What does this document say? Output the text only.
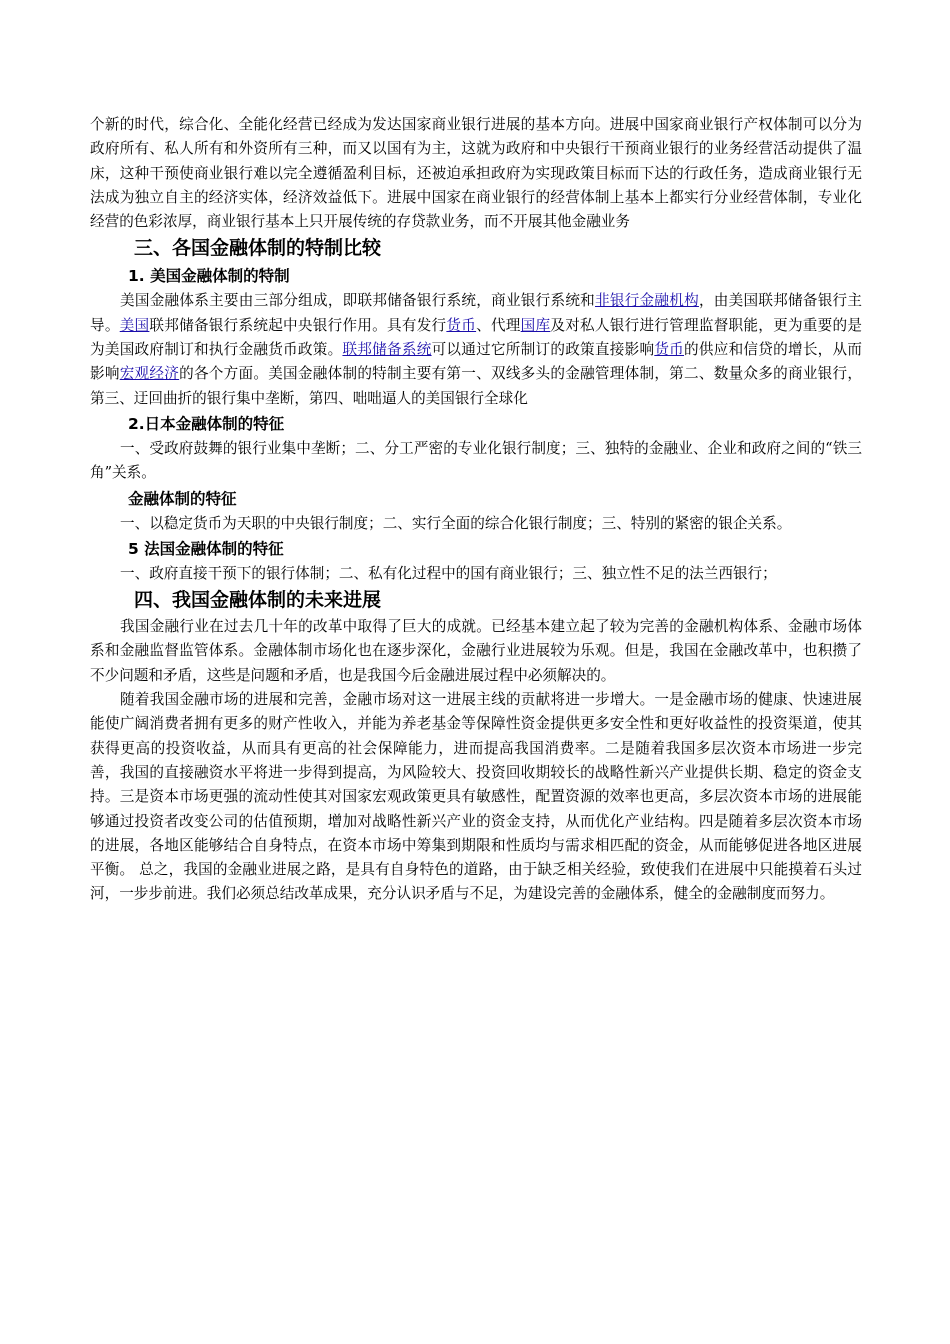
个新的时代，综合化、全能化经营已经成为发达国家商业银行进展的基本方向。进展中国家商业银行产权体制可以分为政府所有、私人所有和外资所有三种，而又以国有为主，这就为政府和中央银行干预商业银行的业务经营活动提供了温床，这种干预使商业银行难以完全遵循盈利目标，还被迫承担政府为实现政策目标而下达的行政任务，造成商业银行无法成为独立自主的经济实体，经济效益低下。进展中国家在商业银行的经营体制上基本上都实行分业经营体制，专业化经营的色彩浓厚，商业银行基本上只开展传统的存贷款业务，而不开展其他金融业务

三、各国金融体制的特制比较
1. 美国金融体制的特制

美国金融体系主要由三部分组成，即联邦储备银行系统，商业银行系统和非银行金融机构，由美国联邦储备银行主导。美国联邦储备银行系统起中央银行作用。具有发行货币、代理国库及对私人银行进行管理监督职能，更为重要的是为美国政府制订和执行金融货币政策。联邦储备系统可以通过它所制订的政策直接影响货币的供应和信贷的增长，从而影响宏观经济的各个方面。美国金融体制的特制主要有第一、双线多头的金融管理体制，第二、数量众多的商业银行，第三、迂回曲折的银行集中垄断，第四、咄咄逼人的美国银行全球化

2.日本金融体制的特征

一、受政府鼓舞的银行业集中垄断；二、分工严密的专业化银行制度；三、独特的金融业、企业和政府之间的“铁三角”关系。

金融体制的特征

一、以稳定货币为天职的中央银行制度；二、实行全面的综合化银行制度；三、特别的紧密的银企关系。

5 法国金融体制的特征

一、政府直接干预下的银行体制；二、私有化过程中的国有商业银行；三、独立性不足的法兰西银行；

四、我国金融体制的未来进展

我国金融行业在过去几十年的改革中取得了巨大的成就。已经基本建立起了较为完善的金融机构体系、金融市场体系和金融监督监管体系。金融体制市场化也在逐步深化，金融行业进展较为乐观。但是，我国在金融改革中，也积攒了不少问题和矛盾，这些是问题和矛盾，也是我国今后金融进展过程中必须解决的。

随着我国金融市场的进展和完善，金融市场对这一进展主线的贡献将进一步增大。一是金融市场的健康、快速进展能使广阔消费者拥有更多的财产性收入，并能为养老基金等保障性资金提供更多安全性和更好收益性的投资渠道，使其获得更高的投资收益，从而具有更高的社会保障能力，进而提高我国消费率。二是随着我国多层次资本市场进一步完善，我国的直接融资水平将进一步得到提高，为风险较大、投资回收期较长的战略性新兴产业提供长期、稳定的资金支持。三是资本市场更强的流动性使其对国家宏观政策更具有敏感性，配置资源的效率也更高，多层次资本市场的进展能够通过投资者改变公司的估值预期，增加对战略性新兴产业的资金支持，从而优化产业结构。四是随着多层次资本市场的进展，各地区能够结合自身特点，在资本市场中筹集到期限和性质均与需求相匹配的资金，从而能够促进各地区进展平衡。 总之，我国的金融业进展之路，是具有自身特色的道路，由于缺乏相关经验，致使我们在进展中只能摸着石头过河，一步步前进。我们必须总结改革成果，充分认识矛盾与不足，为建设完善的金融体系，健全的金融制度而努力。
